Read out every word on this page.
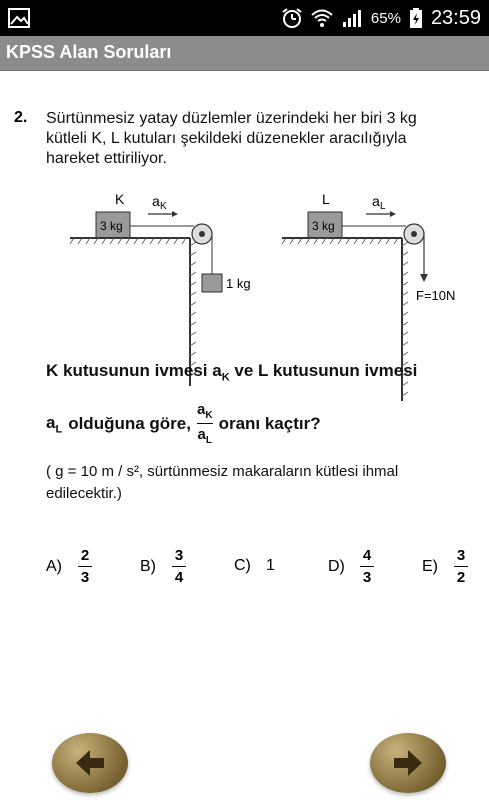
65% 23:59
KPSS Alan Soruları
2. Sürtünmesiz yatay düzlemler üzerindeki her biri 3 kg
kütleli K, L kutuları şekildeki düzenekler aracılığıyla
hareket ettiriliyor.
K
3 kg
a K
1 kg
L
3 kg
a L
F=10N
K kutusunun ivmesi $a_K$ ve L kutusunun ivmesi
$a_L$ olduğuna göre, $\frac{a_K}{a_L}$ oranı kaçtır?
( g = 10 m / s², sürtünmesiz makaraların kütlesi ihmal
edilecektir.)
A)	$\frac{2}{3}$	B)	$\frac{3}{4}$	C) 1	D)	$\frac{4}{3}$	E)	$\frac{3}{2}$
